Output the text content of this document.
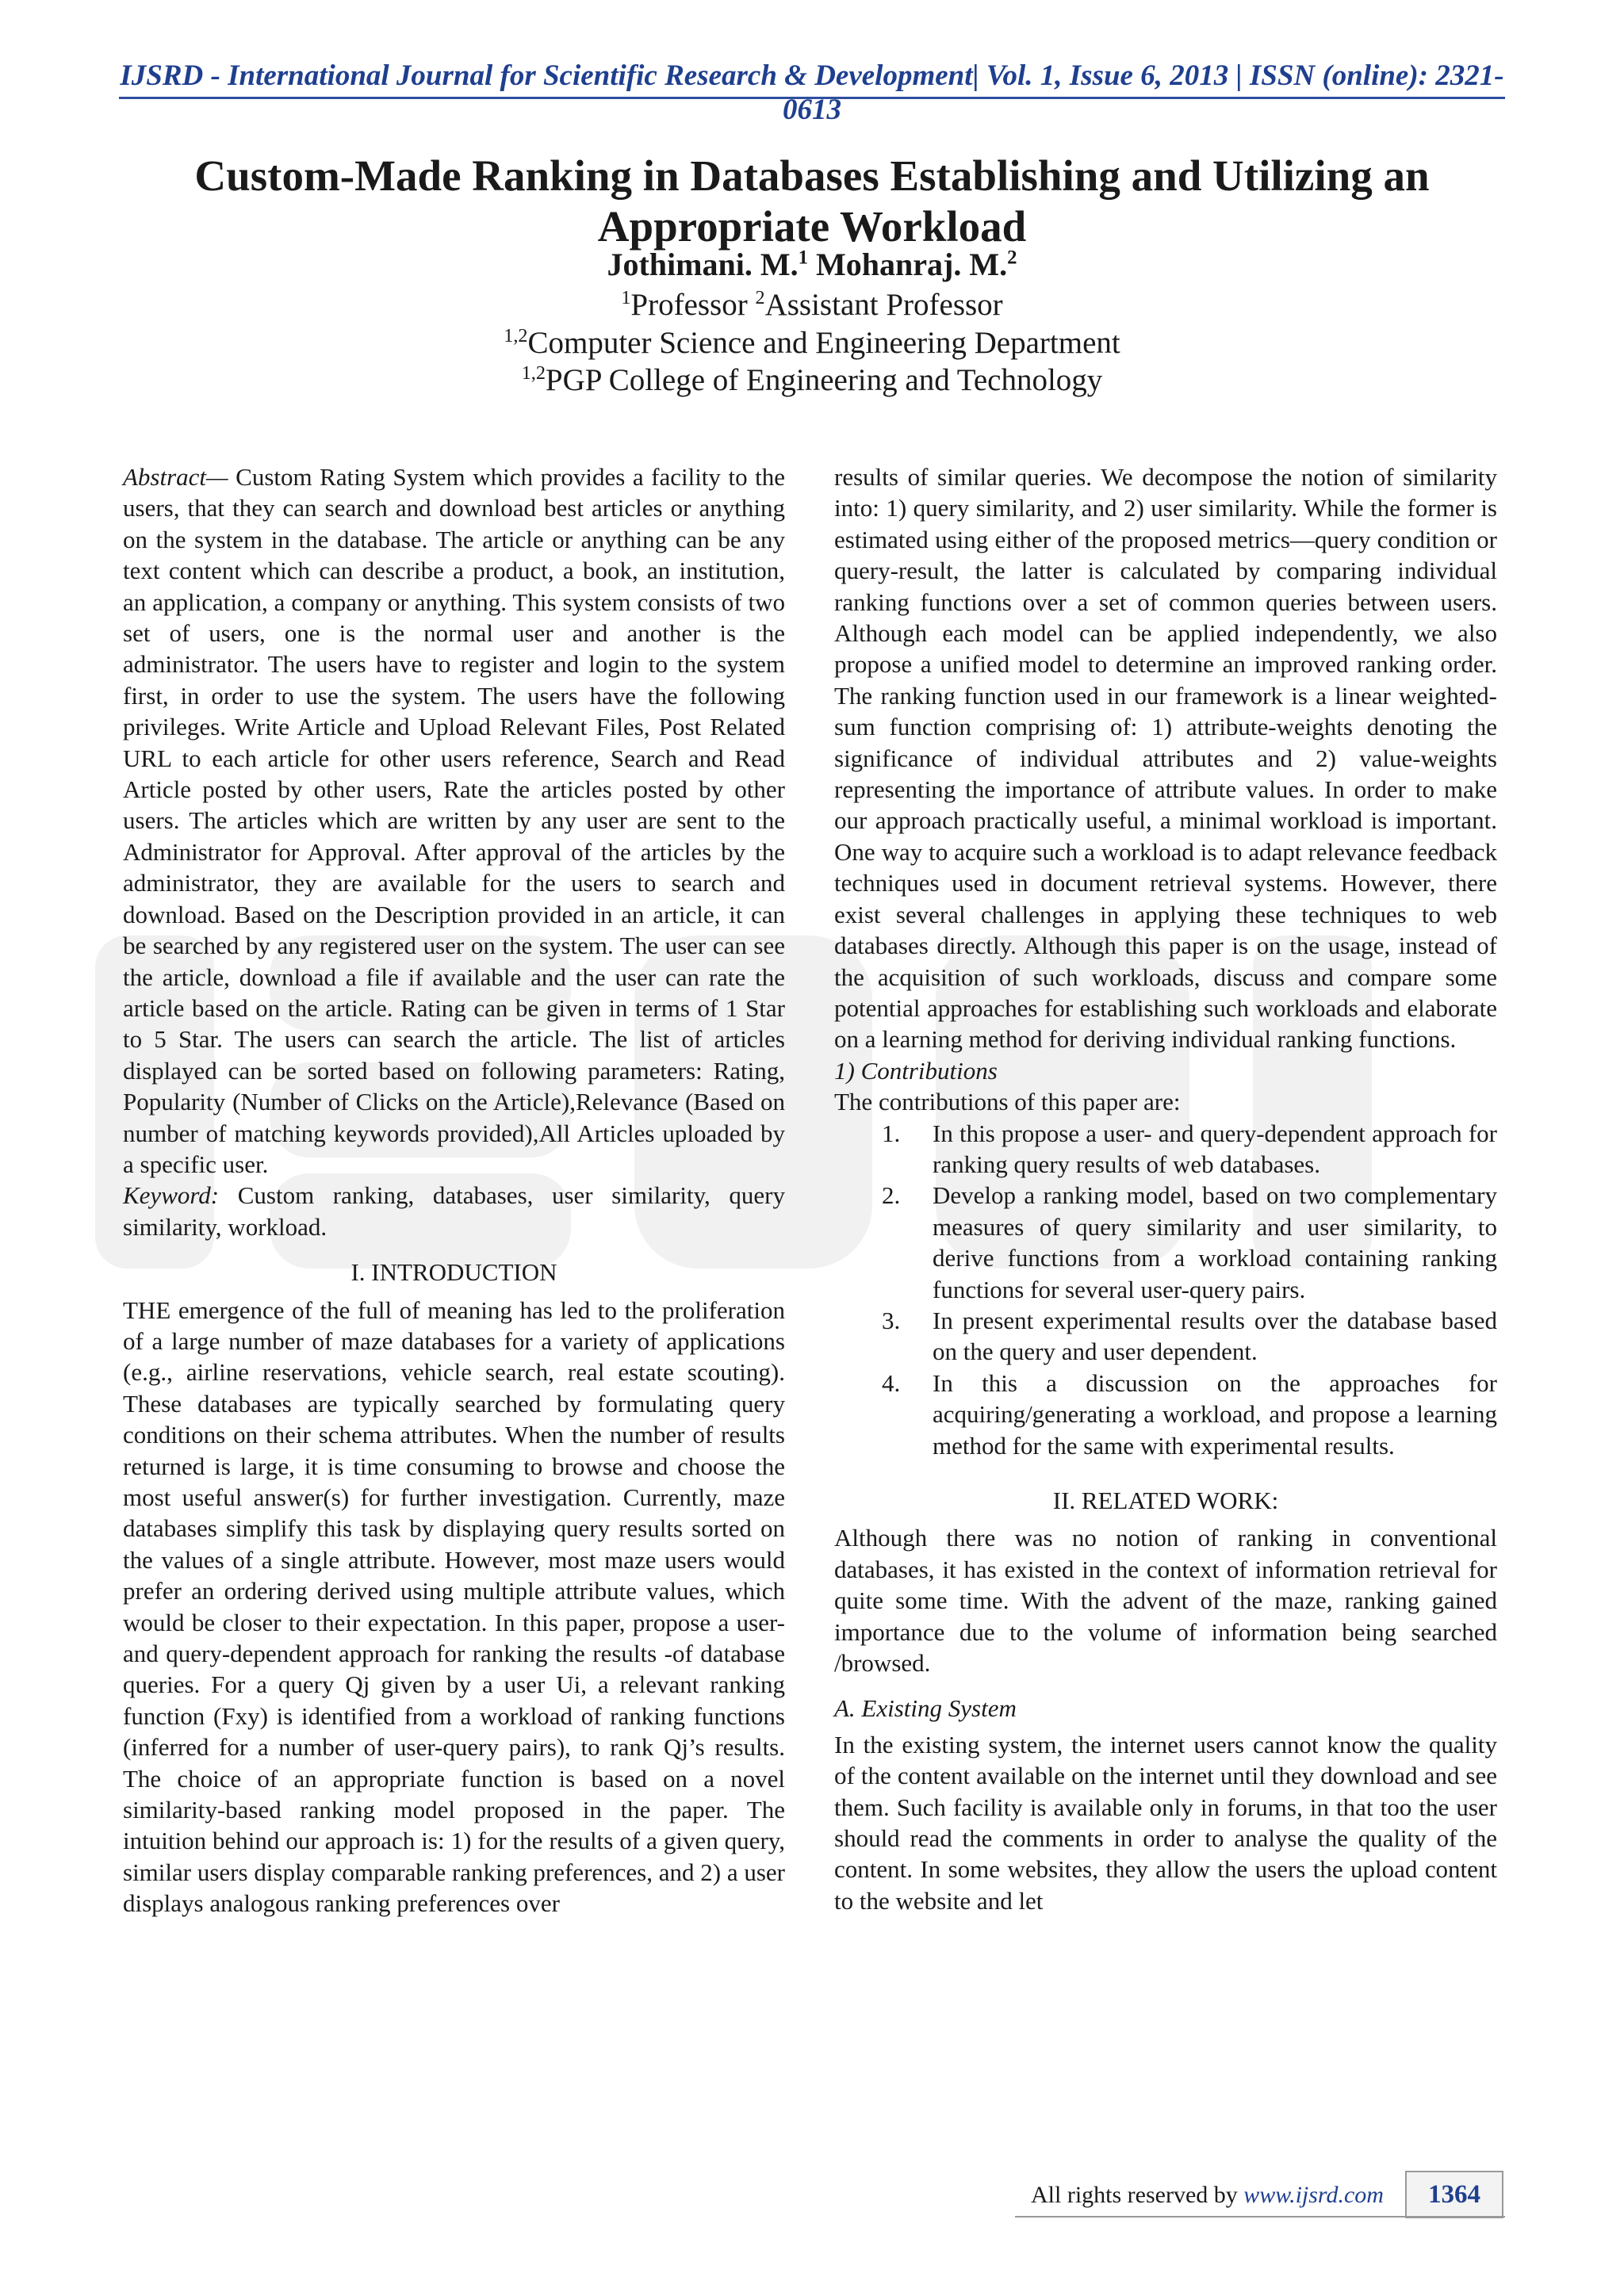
IJSRD - International Journal for Scientific Research & Development| Vol. 1, Issue 6, 2013 | ISSN (online): 2321-0613
Custom-Made Ranking in Databases Establishing and Utilizing an
Appropriate Workload
Jothimani. M.$^1$ Mohanraj. M.$^2$
$^1$Professor $^2$Assistant Professor
$^{1,2}$Computer Science and Engineering Department
$^{1,2}$PGP College of Engineering and Technology

Abstract— Custom Rating System which provides a facility to the users, that they can search and download best articles or anything on the system in the database. The article or anything can be any text content which can describe a product, a book, an institution, an application, a company or anything. This system consists of two set of users, one is the normal user and another is the administrator. The users have to register and login to the system first, in order to use the system. The users have the following privileges. Write Article and Upload Relevant Files, Post Related URL to each article for other users reference, Search and Read Article posted by other users, Rate the articles posted by other users. The articles which are written by any user are sent to the Administrator for Approval. After approval of the articles by the administrator, they are available for the users to search and download. Based on the Description provided in an article, it can be searched by any registered user on the system. The user can see the article, download a file if available and the user can rate the article based on the article. Rating can be given in terms of 1 Star to 5 Star. The users can search the article. The list of articles displayed can be sorted based on following parameters: Rating, Popularity (Number of Clicks on the Article),Relevance (Based on number of matching keywords provided),All Articles uploaded by a specific user.

Keyword: Custom ranking, databases, user similarity, query similarity, workload.

I. INTRODUCTION

THE emergence of the full of meaning has led to the proliferation of a large number of maze databases for a variety of applications (e.g., airline reservations, vehicle search, real estate scouting). These databases are typically searched by formulating query conditions on their schema attributes. When the number of results returned is large, it is time consuming to browse and choose the most useful answer(s) for further investigation. Currently, maze databases simplify this task by displaying query results sorted on the values of a single attribute. However, most maze users would prefer an ordering derived using multiple attribute values, which would be closer to their expectation. In this paper, propose a user- and query-dependent approach for ranking the results -of database queries. For a query Qj given by a user Ui, a relevant ranking function (Fxy) is identified from a workload of ranking functions (inferred for a number of user-query pairs), to rank Qj’s results. The choice of an appropriate function is based on a novel similarity-based ranking model proposed in the paper. The intuition behind our approach is: 1) for the results of a given query, similar users display comparable ranking preferences, and 2) a user displays analogous ranking preferences over

results of similar queries. We decompose the notion of similarity into: 1) query similarity, and 2) user similarity. While the former is estimated using either of the proposed metrics—query condition or query-result, the latter is calculated by comparing individual ranking functions over a set of common queries between users. Although each model can be applied independently, we also propose a unified model to determine an improved ranking order. The ranking function used in our framework is a linear weighted-sum function comprising of: 1) attribute-weights denoting the significance of individual attributes and 2) value-weights representing the importance of attribute values. In order to make our approach practically useful, a minimal workload is important. One way to acquire such a workload is to adapt relevance feedback techniques used in document retrieval systems. However, there exist several challenges in applying these techniques to web databases directly. Although this paper is on the usage, instead of the acquisition of such workloads, discuss and compare some potential approaches for establishing such workloads and elaborate on a learning method for deriving individual ranking functions.

1) Contributions

The contributions of this paper are:

1. In this propose a user- and query-dependent approach for ranking query results of web databases.
2. Develop a ranking model, based on two complementary measures of query similarity and user similarity, to derive functions from a workload containing ranking functions for several user-query pairs.
3. In present experimental results over the database based on the query and user dependent.
4. In this a discussion on the approaches for acquiring/generating a workload, and propose a learning method for the same with experimental results.
II. RELATED WORK:

Although there was no notion of ranking in conventional databases, it has existed in the context of information retrieval for quite some time. With the advent of the maze, ranking gained importance due to the volume of information being searched /browsed.

A. Existing System

In the existing system, the internet users cannot know the quality of the content available on the internet until they download and see them. Such facility is available only in forums, in that too the user should read the comments in order to analyse the quality of the content. In some websites, they allow the users the upload content to the website and let

All rights reserved by www.ijsrd.com	1364
